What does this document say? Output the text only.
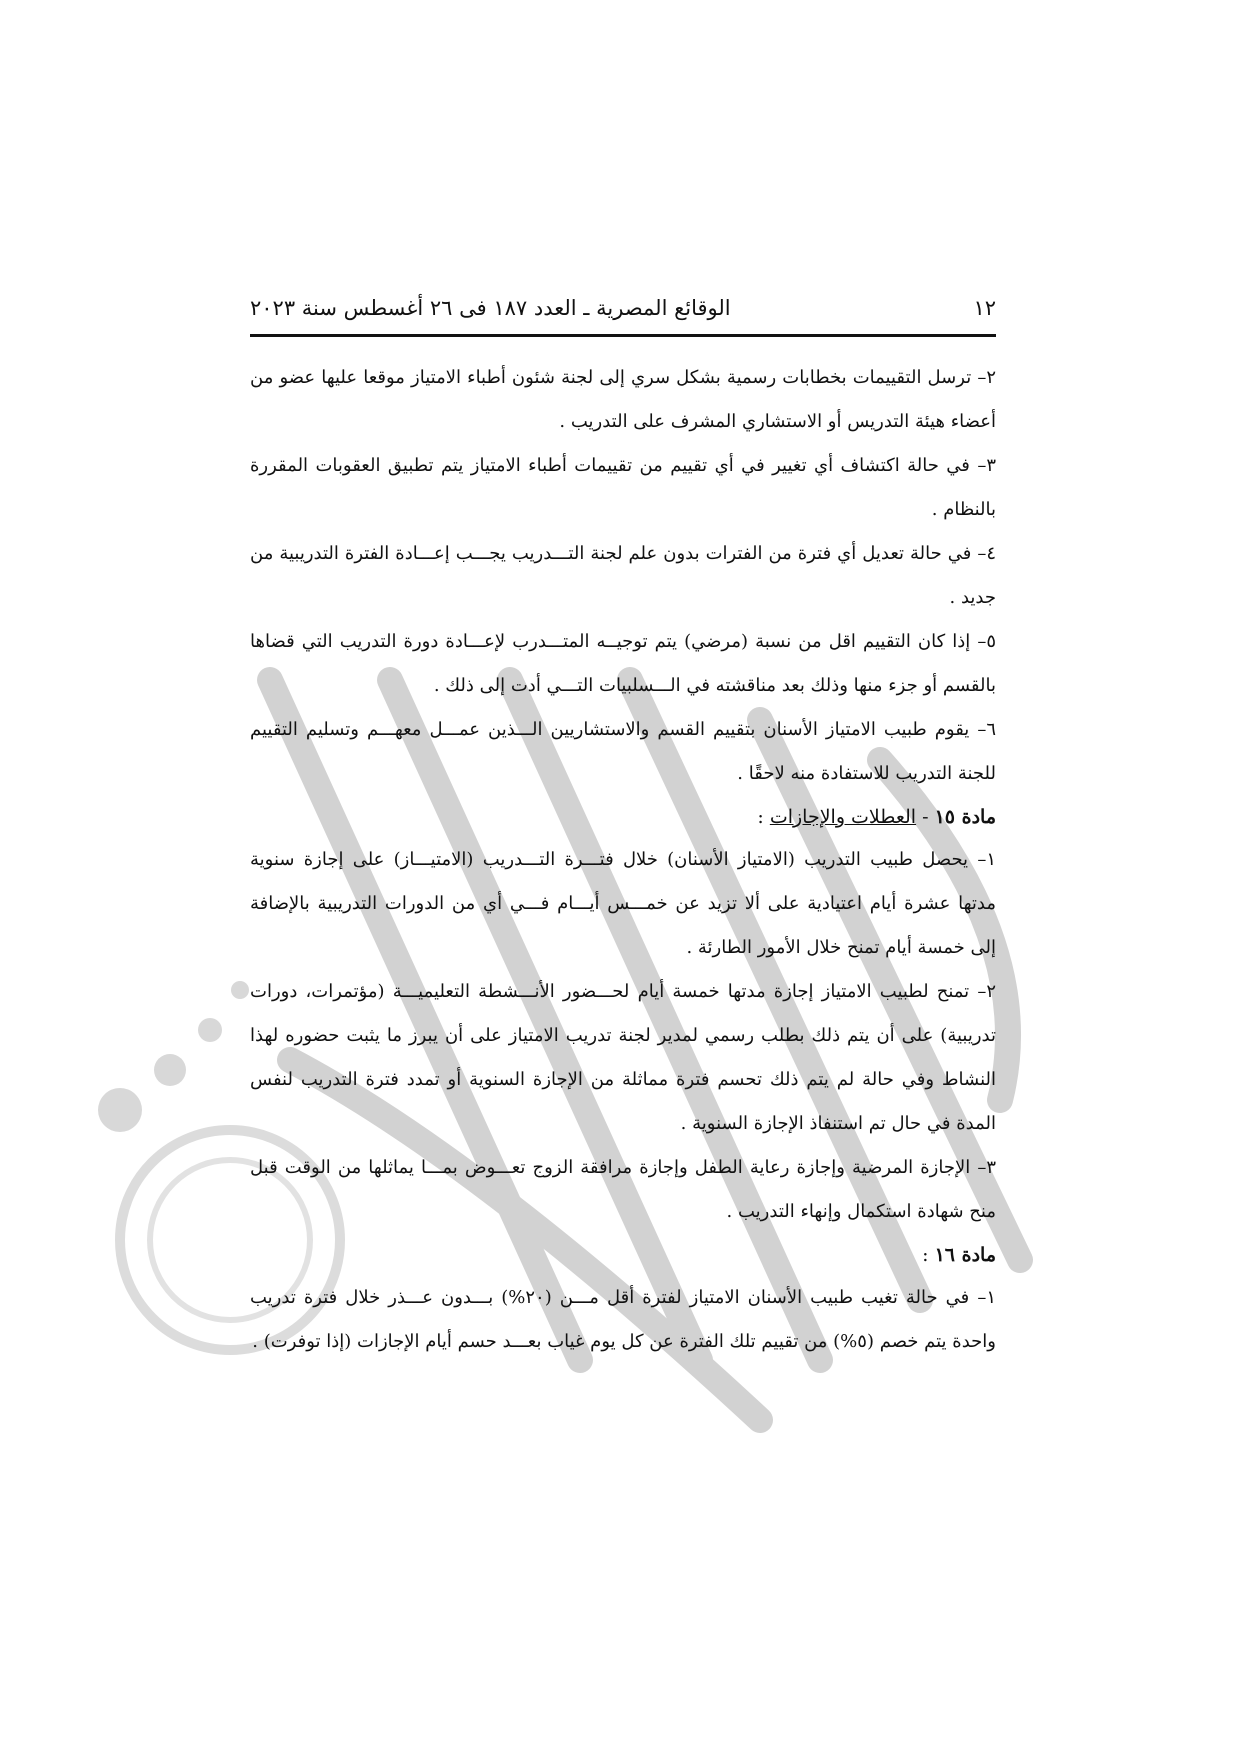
١٢
الوقائع المصرية ـ العدد ١٨٧ فى ٢٦ أغسطس سنة ٢٠٢٣

٢– ترسل التقييمات بخطابات رسمية بشكل سري إلى لجنة شئون أطباء الامتياز موقعا عليها عضو من أعضاء هيئة التدريس أو الاستشاري المشرف على التدريب .

٣– في حالة اكتشاف أي تغيير في أي تقييم من تقييمات أطباء الامتياز يتم تطبيق العقوبات المقررة بالنظام .

٤– في حالة تعديل أي فترة من الفترات بدون علم لجنة التـــدريب يجـــب إعـــادة الفترة التدريبية من جديد .

٥– إذا كان التقييم اقل من نسبة (مرضي) يتم توجيــه المتـــدرب لإعـــادة دورة التدريب التي قضاها بالقسم أو جزء منها وذلك بعد مناقشته في الـــسلبيات التـــي أدت إلى ذلك .

٦– يقوم طبيب الامتياز الأسنان بتقييم القسم والاستشاريين الـــذين عمـــل معهـــم وتسليم التقييم للجنة التدريب للاستفادة منه لاحقًا .

مادة ١٥ - العطلات والإجازات :

١– يحصل طبيب التدريب (الامتياز الأسنان) خلال فتـــرة التـــدريب (الامتيـــاز) على إجازة سنوية مدتها عشرة أيام اعتيادية على ألا تزيد عن خمـــس أيـــام فـــي أي من الدورات التدريبية بالإضافة إلى خمسة أيام تمنح خلال الأمور الطارئة .

٢– تمنح لطبيب الامتياز إجازة مدتها خمسة أيام لحـــضور الأنـــشطة التعليميـــة (مؤتمرات، دورات تدريبية) على أن يتم ذلك بطلب رسمي لمدير لجنة تدريب الامتياز على أن يبرز ما يثبت حضوره لهذا النشاط وفي حالة لم يتم ذلك تحسم فترة مماثلة من الإجازة السنوية أو تمدد فترة التدريب لنفس المدة في حال تم استنفاذ الإجازة السنوية .

٣– الإجازة المرضية وإجازة رعاية الطفل وإجازة مرافقة الزوج تعـــوض بمـــا يماثلها من الوقت قبل منح شهادة استكمال وإنهاء التدريب .

مادة ١٦ :

١– في حالة تغيب طبيب الأسنان الامتياز لفترة أقل مـــن (٢٠%) بـــدون عـــذر خلال فترة تدريب واحدة يتم خصم (٥%) من تقييم تلك الفترة عن كل يوم غياب بعـــد حسم أيام الإجازات (إذا توفرت) .
